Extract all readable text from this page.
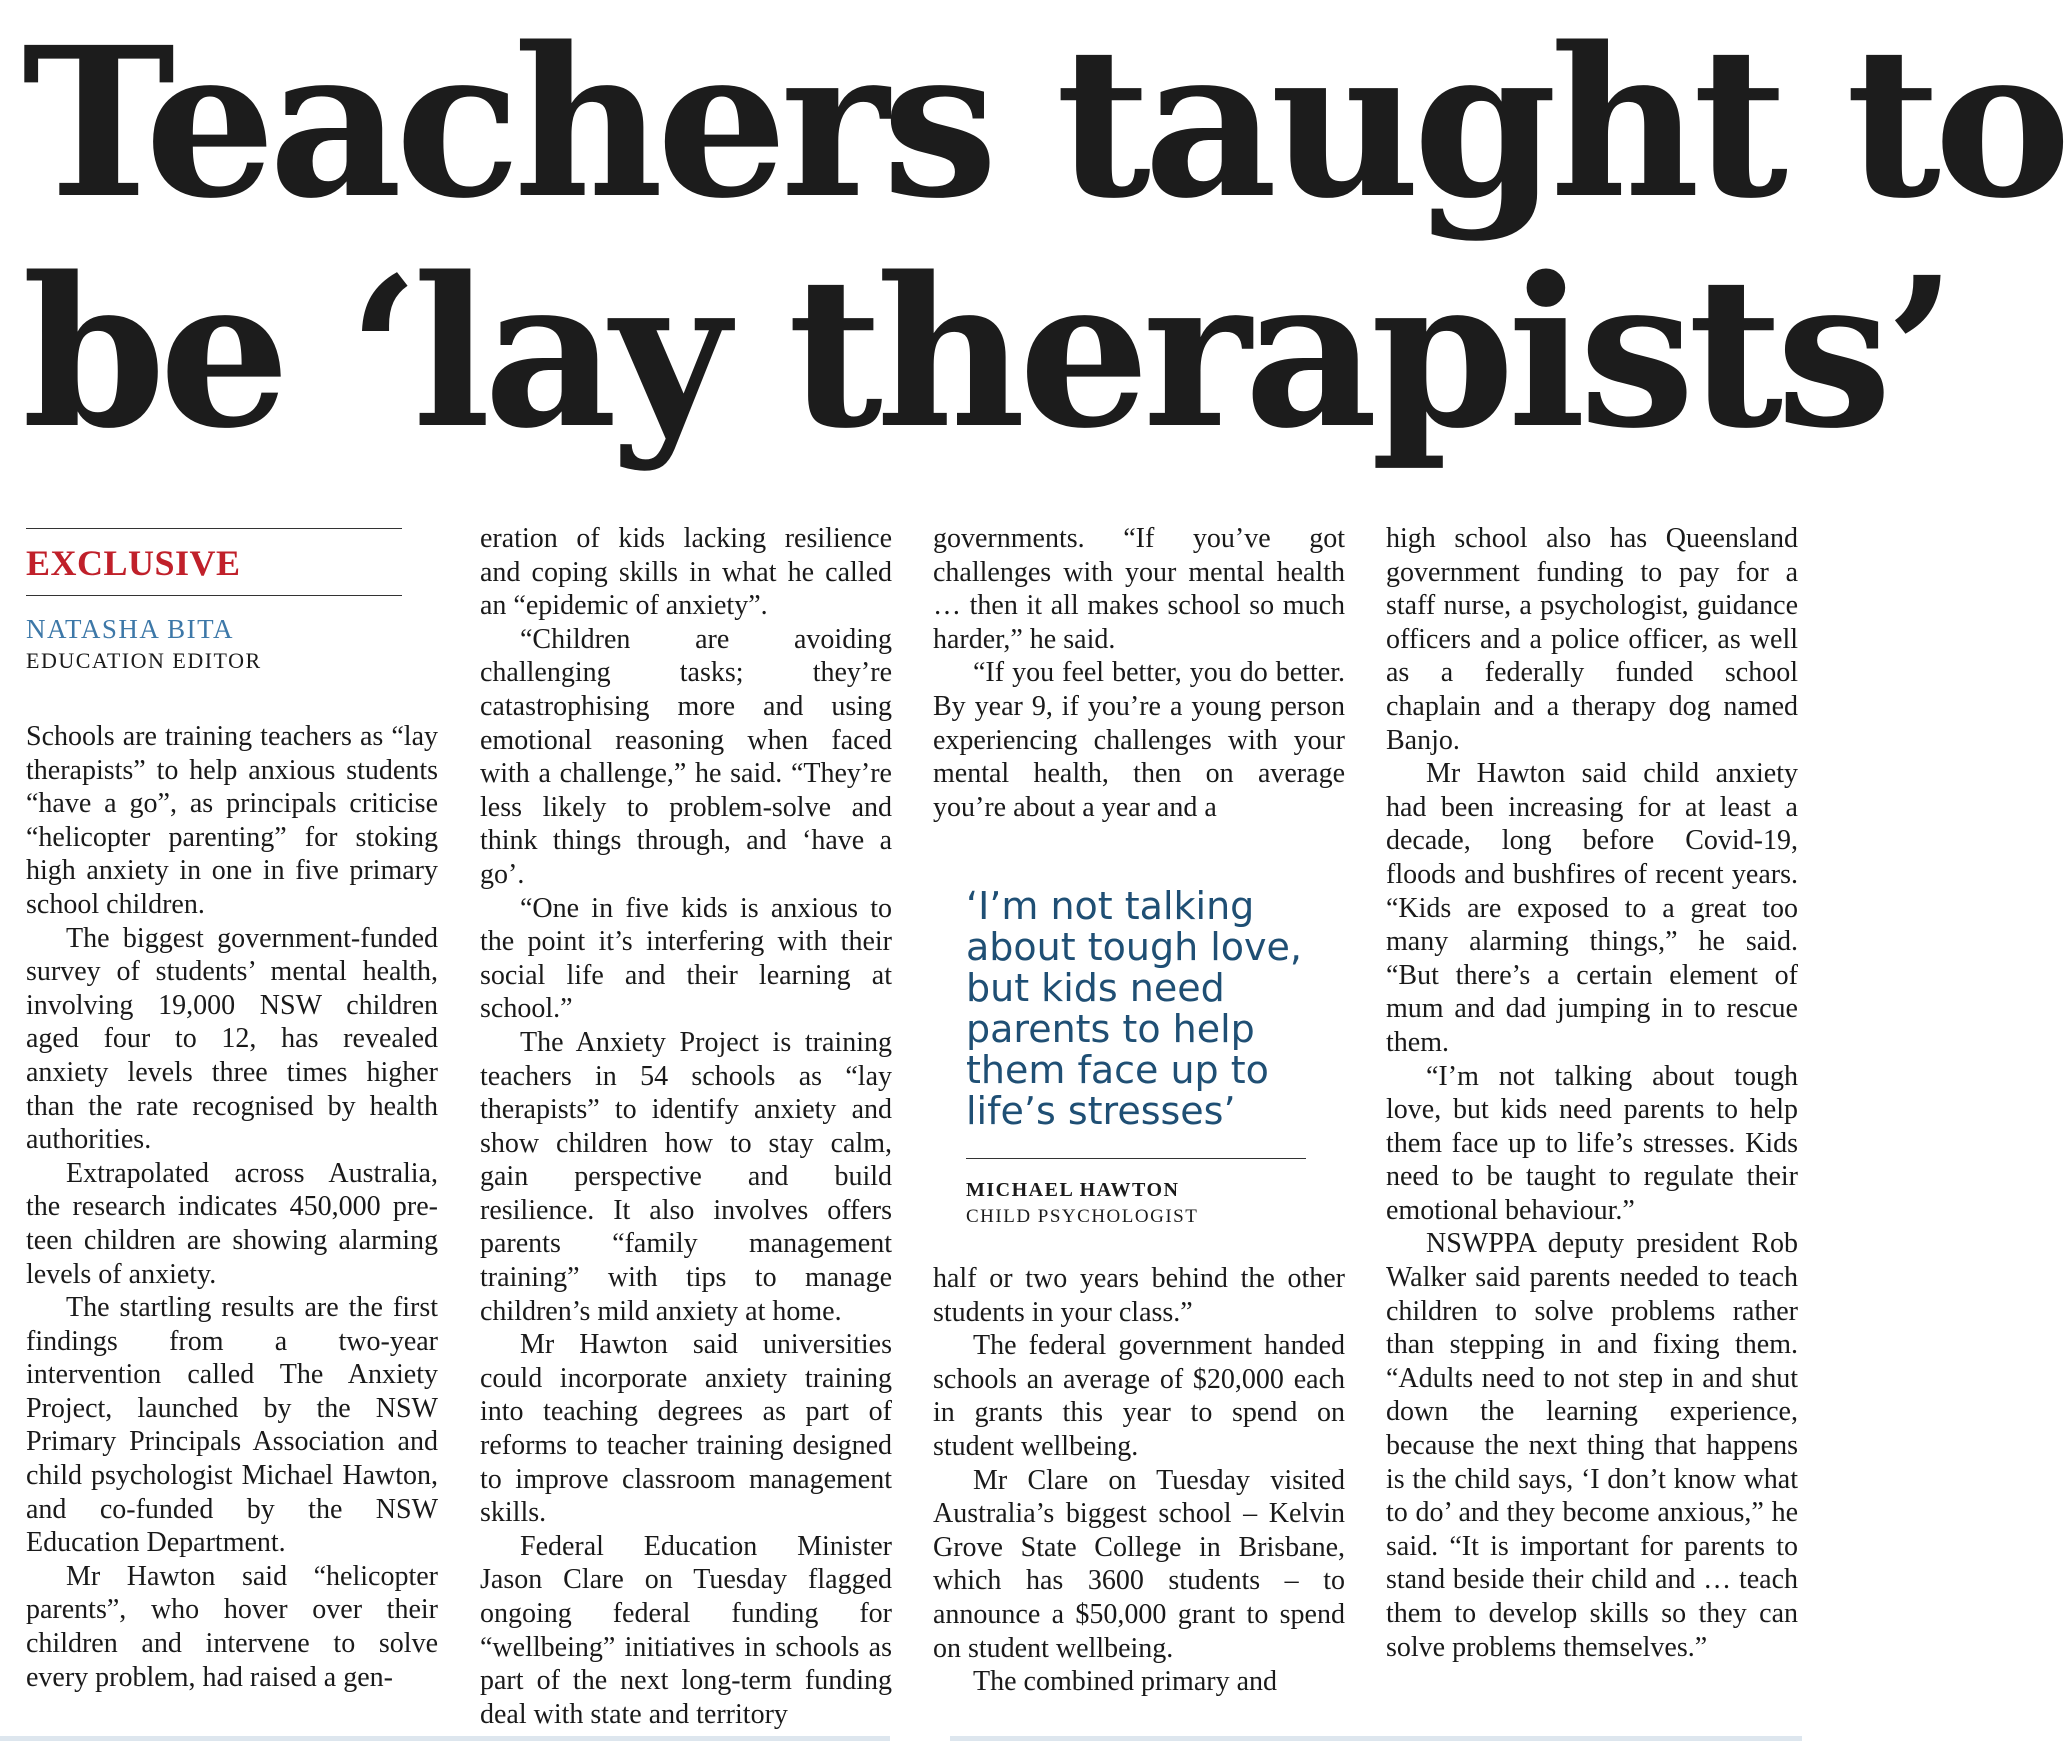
Teachers taught to
be ‘lay therapists’
EXCLUSIVE
NATASHA BITA
EDUCATION EDITOR

Schools are training teachers as “lay therapists” to help anxious students “have a go”, as principals criticise “helicopter parenting” for stoking high anxiety in one in five primary school children.

The biggest government-funded survey of students’ mental health, involving 19,000 NSW children aged four to 12, has revealed anxiety levels three times higher than the rate recognised by health authorities.

Extrapolated across Australia, the research indicates 450,000 pre-teen children are showing alarming levels of anxiety.

The startling results are the first findings from a two-year intervention called The Anxiety Project, launched by the NSW Primary Principals Association and child psychologist Michael Hawton, and co-funded by the NSW Education Department.

Mr Hawton said “helicopter parents”, who hover over their children and intervene to solve every problem, had raised a gen-

eration of kids lacking resilience and coping skills in what he called an “epidemic of anxiety”.

“Children are avoiding challenging tasks; they’re catastrophising more and using emotional reasoning when faced with a challenge,” he said. “They’re less likely to problem-solve and think things through, and ‘have a go’.

“One in five kids is anxious to the point it’s interfering with their social life and their learning at school.”

The Anxiety Project is training teachers in 54 schools as “lay therapists” to identify anxiety and show children how to stay calm, gain perspective and build resilience. It also involves offers parents “family management training” with tips to manage children’s mild anxiety at home.

Mr Hawton said universities could incorporate anxiety training into teaching degrees as part of reforms to teacher training designed to improve classroom management skills.

Federal Education Minister Jason Clare on Tuesday flagged ongoing federal funding for “wellbeing” initiatives in schools as part of the next long-term funding deal with state and territory

governments. “If you’ve got challenges with your mental health … then it all makes school so much harder,” he said.

“If you feel better, you do better. By year 9, if you’re a young person experiencing challenges with your mental health, then on average you’re about a year and a

‘I’m not talking about tough love, but kids need parents to help them face up to life’s stresses’

MICHAEL HAWTON
CHILD PSYCHOLOGIST

half or two years behind the other students in your class.”

The federal government handed schools an average of $20,000 each in grants this year to spend on student wellbeing.

Mr Clare on Tuesday visited Australia’s biggest school – Kelvin Grove State College in Brisbane, which has 3600 students – to announce a $50,000 grant to spend on student wellbeing.

The combined primary and

high school also has Queensland government funding to pay for a staff nurse, a psychologist, guidance officers and a police officer, as well as a federally funded school chaplain and a therapy dog named Banjo.

Mr Hawton said child anxiety had been increasing for at least a decade, long before Covid-19, floods and bushfires of recent years. “Kids are exposed to a great too many alarming things,” he said. “But there’s a certain element of mum and dad jumping in to rescue them.

“I’m not talking about tough love, but kids need parents to help them face up to life’s stresses. Kids need to be taught to regulate their emotional behaviour.”

NSWPPA deputy president Rob Walker said parents needed to teach children to solve problems rather than stepping in and fixing them. “Adults need to not step in and shut down the learning experience, because the next thing that happens is the child says, ‘I don’t know what to do’ and they become anxious,” he said. “It is important for parents to stand beside their child and … teach them to develop skills so they can solve problems themselves.”
